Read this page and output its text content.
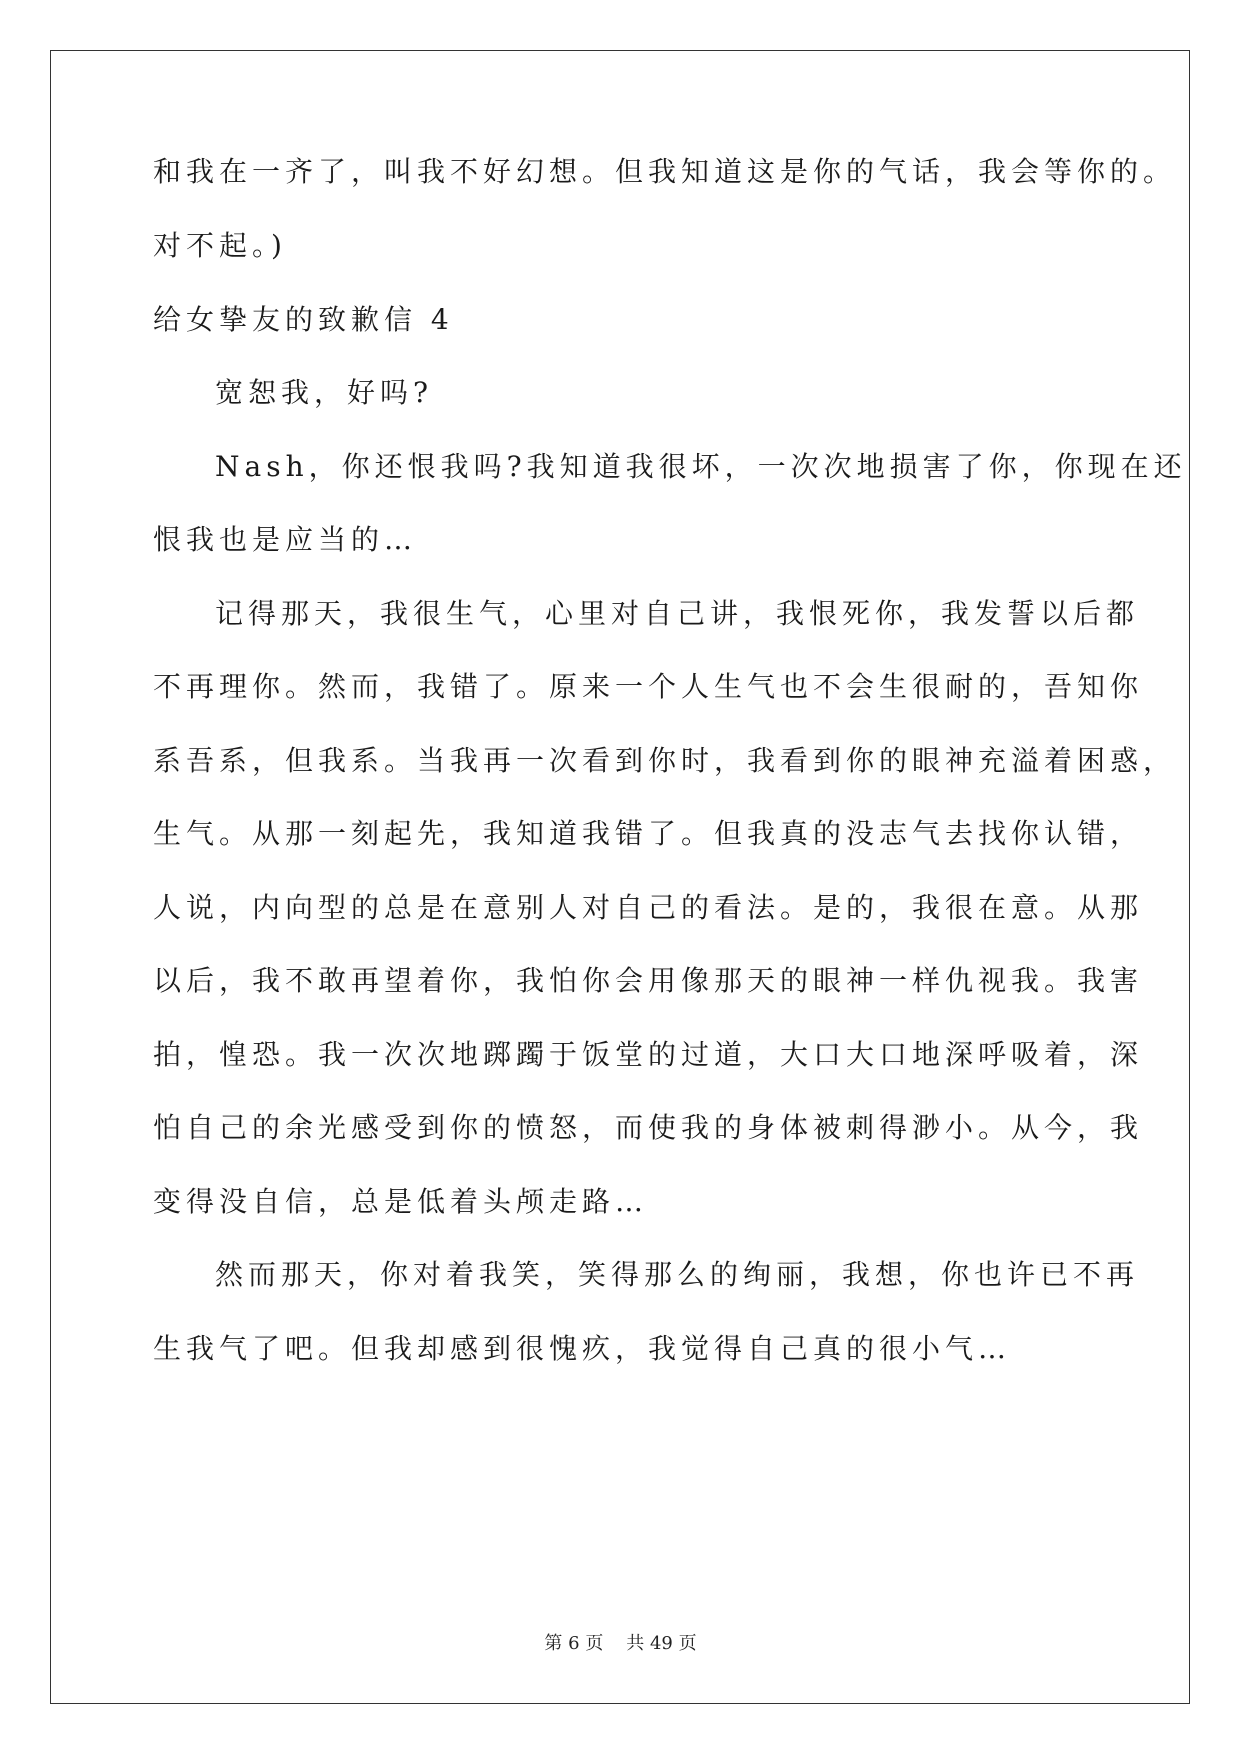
和我在一齐了，叫我不好幻想。但我知道这是你的气话，我会等你的。
对不起。)
给女挚友的致歉信 4
宽恕我，好吗?
Nash，你还恨我吗?我知道我很坏，一次次地损害了你，你现在还
恨我也是应当的…
记得那天，我很生气，心里对自己讲，我恨死你，我发誓以后都
不再理你。然而，我错了。原来一个人生气也不会生很耐的，吾知你
系吾系，但我系。当我再一次看到你时，我看到你的眼神充溢着困惑，
生气。从那一刻起先，我知道我错了。但我真的没志气去找你认错，
人说，内向型的总是在意别人对自己的看法。是的，我很在意。从那
以后，我不敢再望着你，我怕你会用像那天的眼神一样仇视我。我害
拍，惶恐。我一次次地踯躅于饭堂的过道，大口大口地深呼吸着，深
怕自己的余光感受到你的愤怒，而使我的身体被刺得渺小。从今，我
变得没自信，总是低着头颅走路…
然而那天，你对着我笑，笑得那么的绚丽，我想，你也许已不再
生我气了吧。但我却感到很愧疚，我觉得自己真的很小气…
第 6 页 共 49 页
